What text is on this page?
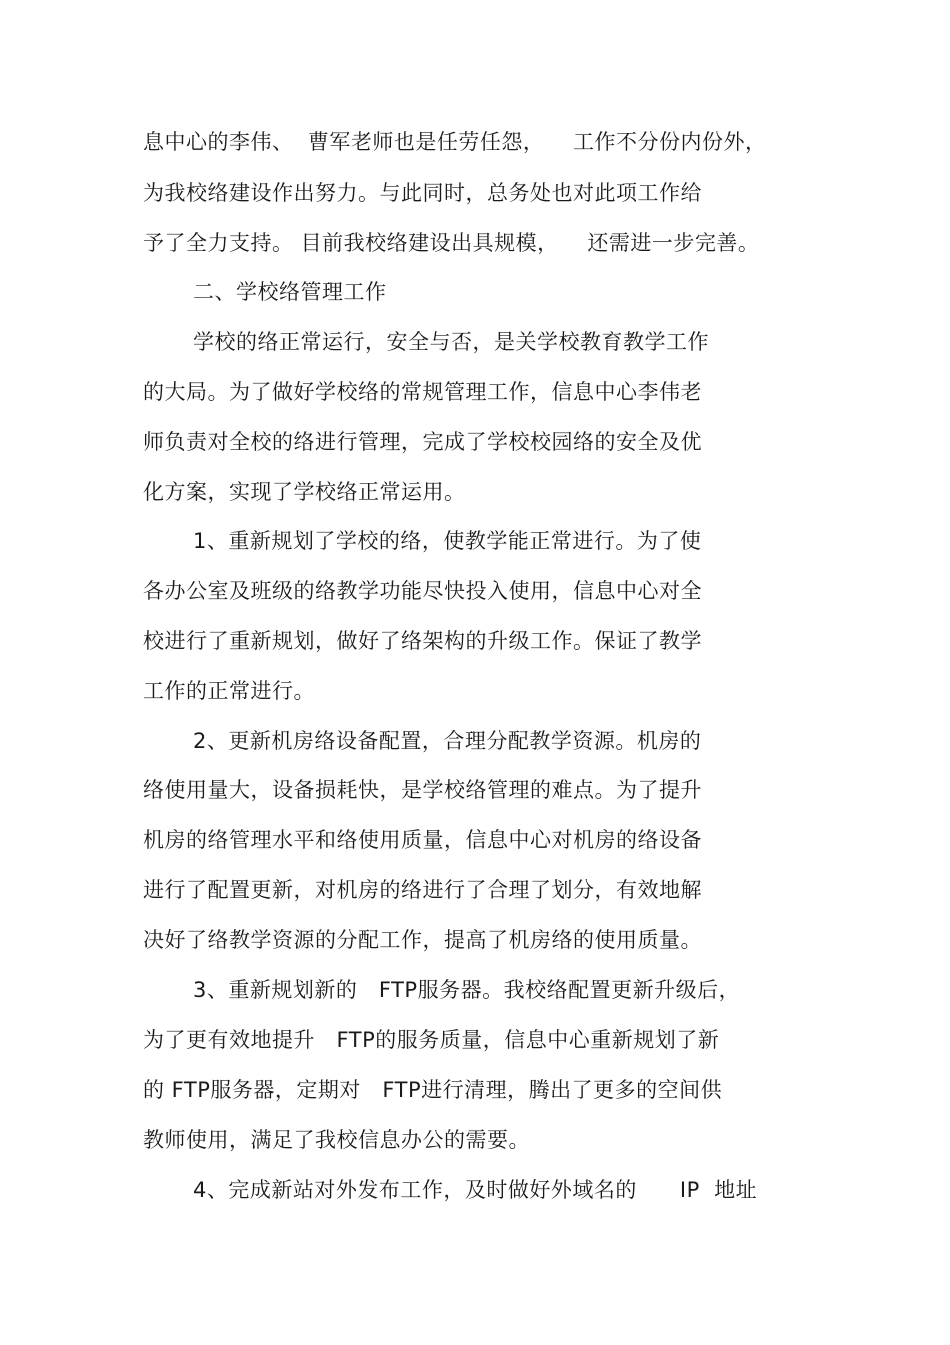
息中心的李伟、  曹军老师也是任劳任怨，    工作不分份内份外，
为我校络建设作出努力。与此同时，总务处也对此项工作给
予了全力支持。 目前我校络建设出具规模，    还需进一步完善。
二、学校络管理工作
学校的络正常运行，安全与否，是关学校教育教学工作
的大局。为了做好学校络的常规管理工作，信息中心李伟老
师负责对全校的络进行管理，完成了学校校园络的安全及优
化方案，实现了学校络正常运用。
1、重新规划了学校的络，使教学能正常进行。为了使
各办公室及班级的络教学功能尽快投入使用，信息中心对全
校进行了重新规划，做好了络架构的升级工作。保证了教学
工作的正常进行。
2、更新机房络设备配置，合理分配教学资源。机房的
络使用量大，设备损耗快，是学校络管理的难点。为了提升
机房的络管理水平和络使用质量，信息中心对机房的络设备
进行了配置更新，对机房的络进行了合理了划分，有效地解
决好了络教学资源的分配工作，提高了机房络的使用质量。
3、重新规划新的   FTP服务器。我校络配置更新升级后，
为了更有效地提升   FTP的服务质量，信息中心重新规划了新
的 FTP服务器，定期对   FTP进行清理，腾出了更多的空间供
教师使用，满足了我校信息办公的需要。
4、完成新站对外发布工作，及时做好外域名的      IP  地址
